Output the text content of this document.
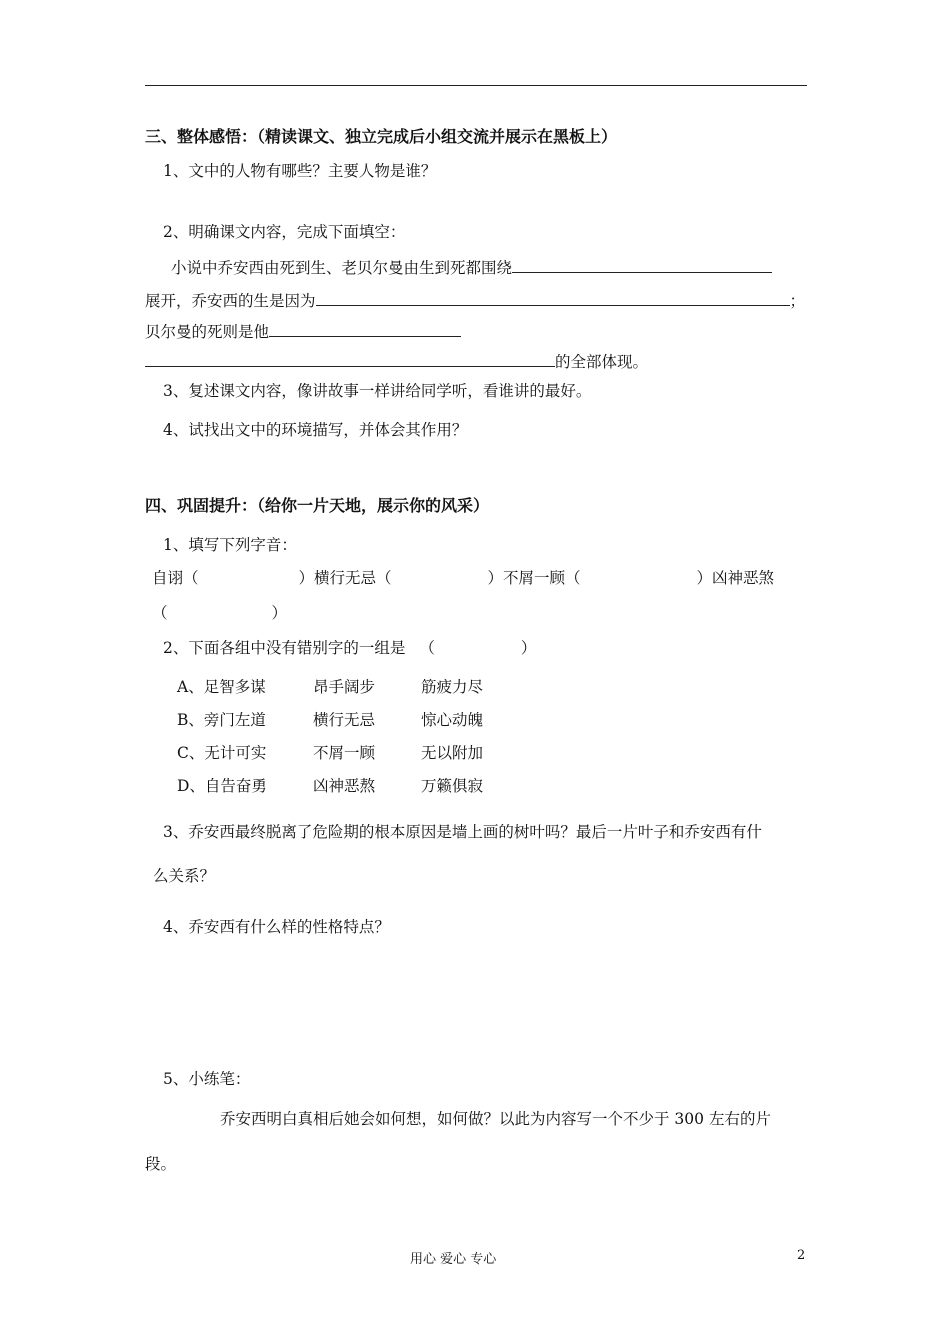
三、整体感悟：（精读课文、独立完成后小组交流并展示在黑板上）
1、文中的人物有哪些？主要人物是谁？
2、明确课文内容，完成下面填空：
小说中乔安西由死到生、老贝尔曼由生到死都围绕
展开，乔安西的生是因为	；
贝尔曼的死则是他
的全部体现。
3、复述课文内容，像讲故事一样讲给同学听，看谁讲的最好。
4、试找出文中的环境描写，并体会其作用？
四、巩固提升：（给你一片天地，展示你的风采）
1、填写下列字音：
自诩（	）横行无忌（	）不屑一顾（	）凶神恶煞
（	）
2、下面各组中没有错别字的一组是 （	）
A、足智多谋	昂手阔步	筋疲力尽
B、旁门左道	横行无忌	惊心动魄
C、无计可实	不屑一顾	无以附加
D、自告奋勇	凶神恶熬	万籁俱寂
3、乔安西最终脱离了危险期的根本原因是墙上画的树叶吗？最后一片叶子和乔安西有什
么关系？
4、乔安西有什么样的性格特点？
5、小练笔：
乔安西明白真相后她会如何想，如何做？以此为内容写一个不少于 300 左右的片
段。
用心 爱心 专心	2
